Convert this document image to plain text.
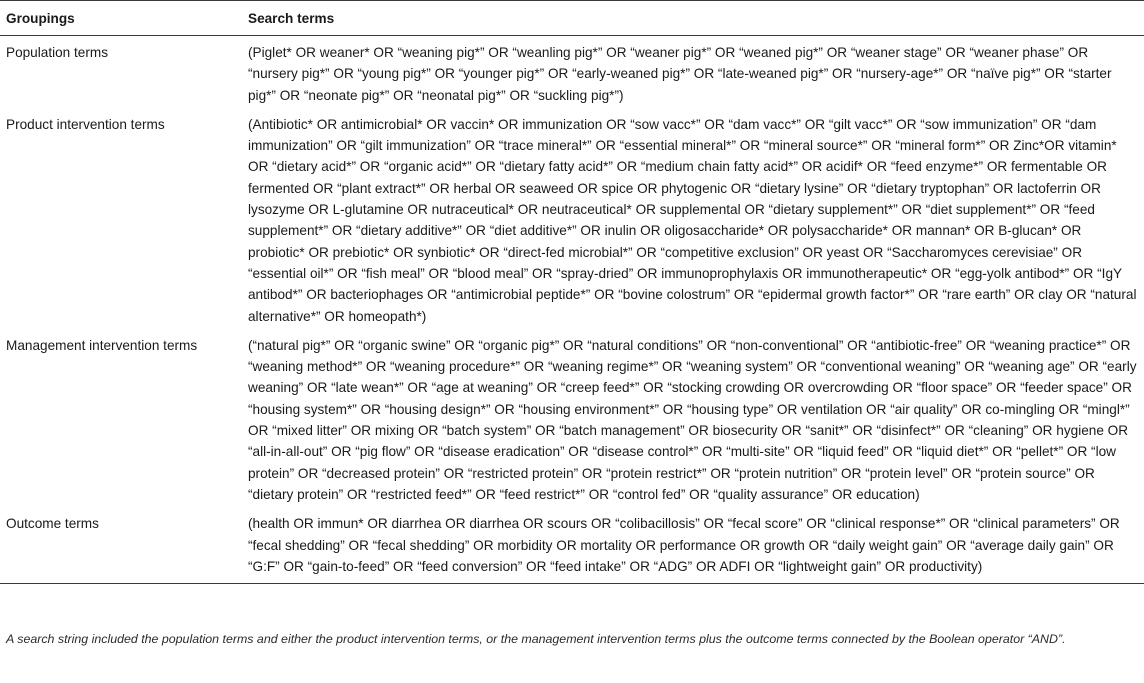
Groupings	Search terms
Population terms	(Piglet* OR weaner* OR “weaning pig*” OR “weanling pig*” OR “weaner pig*” OR “weaned pig*” OR “weaner stage” OR “weaner phase” OR “nursery pig*” OR “young pig*” OR “younger pig*” OR “early-weaned pig*” OR “late-weaned pig*” OR “nursery-age*” OR “naïve pig*” OR “starter pig*” OR “neonate pig*” OR “neonatal pig*” OR “suckling pig*”)
Product intervention terms	(Antibiotic* OR antimicrobial* OR vaccin* OR immunization OR “sow vacc*” OR “dam vacc*” OR “gilt vacc*” OR “sow immunization” OR “dam immunization” OR “gilt immunization” OR “trace mineral*” OR “essential mineral*” OR “mineral source*” OR “mineral form*” OR Zinc*OR vitamin* OR “dietary acid*” OR “organic acid*” OR “dietary fatty acid*” OR “medium chain fatty acid*” OR acidif* OR “feed enzyme*” OR fermentable OR fermented OR “plant extract*” OR herbal OR seaweed OR spice OR phytogenic OR “dietary lysine” OR “dietary tryptophan” OR lactoferrin OR lysozyme OR L-glutamine OR nutraceutical* OR neutraceutical* OR supplemental OR “dietary supplement*” OR “diet supplement*” OR “feed supplement*” OR “dietary additive*” OR “diet additive*” OR inulin OR oligosaccharide* OR polysaccharide* OR mannan* OR B-glucan* OR probiotic* OR prebiotic* OR synbiotic* OR “direct-fed microbial*” OR “competitive exclusion” OR yeast OR “Saccharomyces cerevisiae” OR “essential oil*” OR “fish meal” OR “blood meal” OR “spray-dried” OR immunoprophylaxis OR immunotherapeutic* OR “egg-yolk antibod*” OR “IgY antibod*” OR bacteriophages OR “antimicrobial peptide*” OR “bovine colostrum” OR “epidermal growth factor*” OR “rare earth” OR clay OR “natural alternative*” OR homeopath*)
Management intervention terms	(“natural pig*” OR “organic swine” OR “organic pig*” OR “natural conditions” OR “non-conventional” OR “antibiotic-free” OR “weaning practice*” OR “weaning method*” OR “weaning procedure*” OR “weaning regime*” OR “weaning system” OR “conventional weaning” OR “weaning age” OR “early weaning” OR “late wean*” OR “age at weaning” OR “creep feed*” OR “stocking crowding OR overcrowding OR “floor space” OR “feeder space” OR “housing system*” OR “housing design*” OR “housing environment*” OR “housing type” OR ventilation OR “air quality” OR co-mingling OR “mingl*” OR “mixed litter” OR mixing OR “batch system” OR “batch management” OR biosecurity OR “sanit*” OR “disinfect*” OR “cleaning” OR hygiene OR “all-in-all-out” OR “pig flow” OR “disease eradication” OR “disease control*” OR “multi-site” OR “liquid feed” OR “liquid diet*” OR “pellet*” OR “low protein” OR “decreased protein” OR “restricted protein” OR “protein restrict*” OR “protein nutrition” OR “protein level” OR “protein source” OR “dietary protein” OR “restricted feed*” OR “feed restrict*” OR “control fed” OR “quality assurance” OR education)
Outcome terms	(health OR immun* OR diarrhea OR diarrhea OR scours OR “colibacillosis” OR “fecal score” OR “clinical response*” OR “clinical parameters” OR “fecal shedding” OR “fecal shedding” OR morbidity OR mortality OR performance OR growth OR “daily weight gain” OR “average daily gain” OR “G:F” OR “gain-to-feed” OR “feed conversion” OR “feed intake” OR “ADG” OR ADFI OR “lightweight gain” OR productivity)
A search string included the population terms and either the product intervention terms, or the management intervention terms plus the outcome terms connected by the Boolean operator “AND”.
